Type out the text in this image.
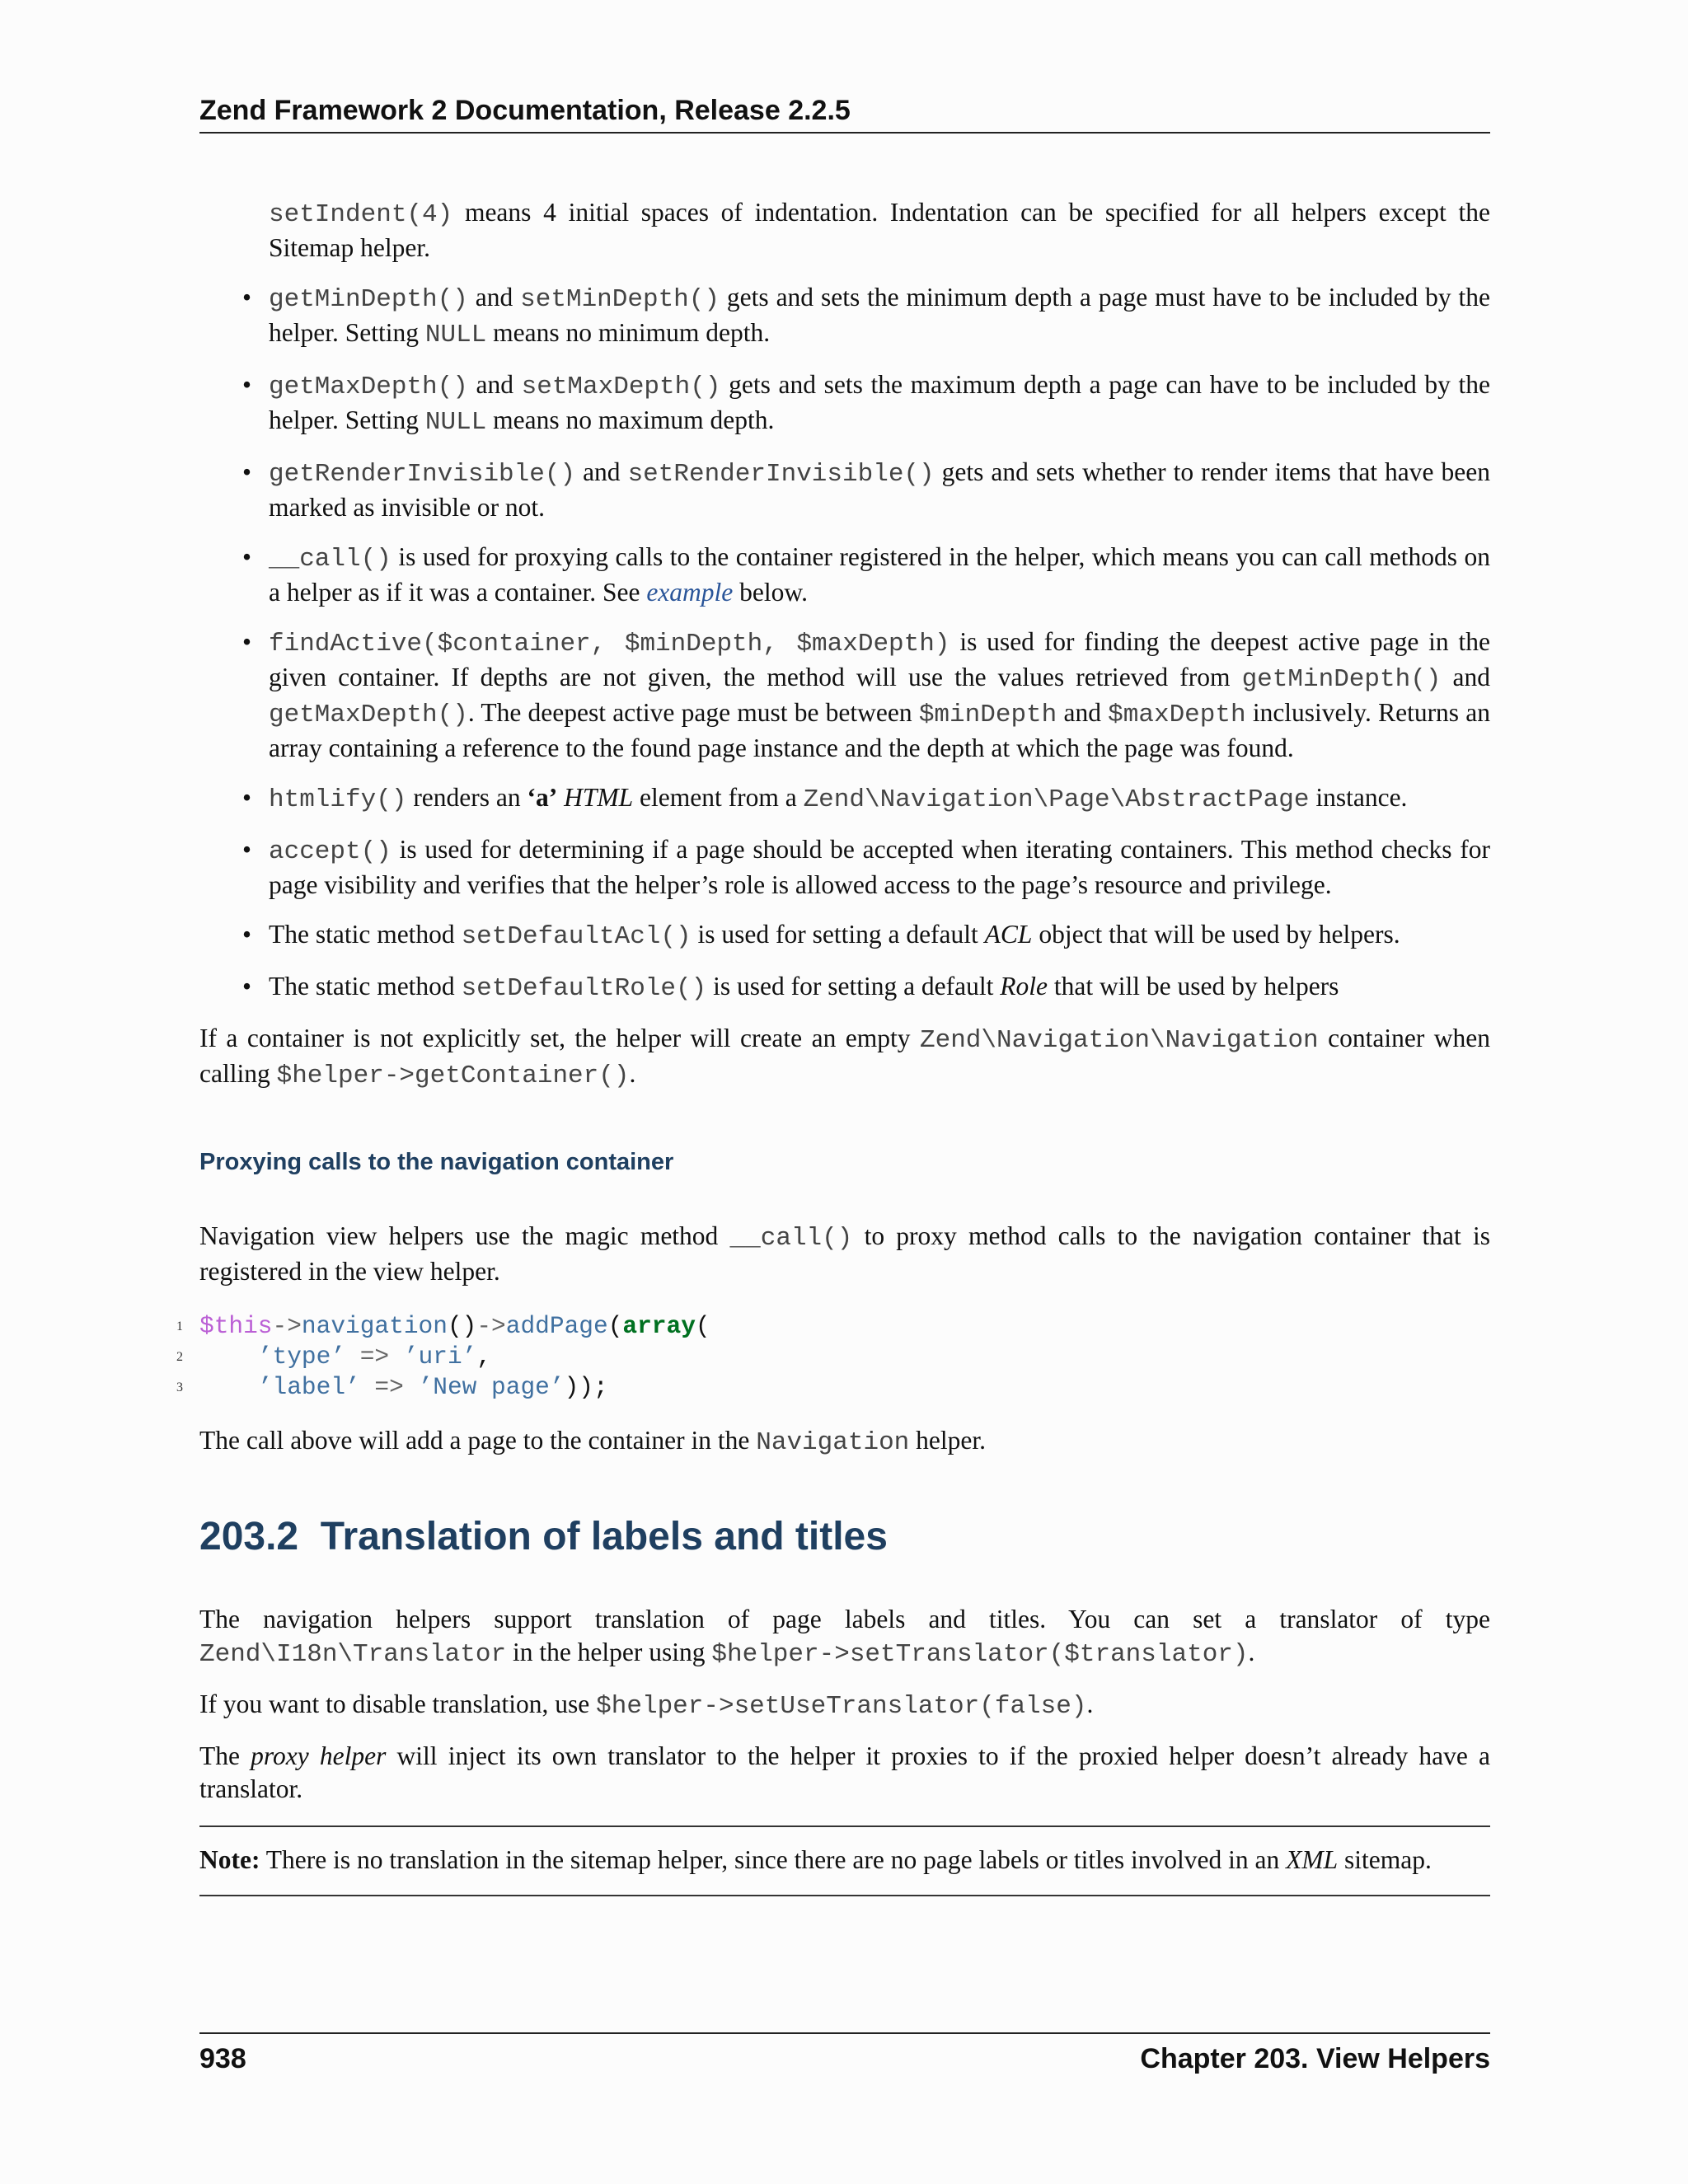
Zend Framework 2 Documentation, Release 2.2.5

setIndent(4) means 4 initial spaces of indentation. Indentation can be specified for all helpers except the Sitemap helper.

• getMinDepth() and setMinDepth() gets and sets the minimum depth a page must have to be included by the helper. Setting NULL means no minimum depth.
• getMaxDepth() and setMaxDepth() gets and sets the maximum depth a page can have to be included by the helper. Setting NULL means no maximum depth.
• getRenderInvisible() and setRenderInvisible() gets and sets whether to render items that have been marked as invisible or not.
• __call() is used for proxying calls to the container registered in the helper, which means you can call methods on a helper as if it was a container. See example below.
• findActive($container, $minDepth, $maxDepth) is used for finding the deepest active page in the given container. If depths are not given, the method will use the values retrieved from getMinDepth() and getMaxDepth(). The deepest active page must be between $minDepth and $maxDepth inclusively. Returns an array containing a reference to the found page instance and the depth at which the page was found.
• htmlify() renders an ‘a’ HTML element from a Zend\Navigation\Page\AbstractPage instance.
• accept() is used for determining if a page should be accepted when iterating containers. This method checks for page visibility and verifies that the helper’s role is allowed access to the page’s resource and privilege.
• The static method setDefaultAcl() is used for setting a default ACL object that will be used by helpers.
• The static method setDefaultRole() is used for setting a default Role that will be used by helpers

If a container is not explicitly set, the helper will create an empty Zend\Navigation\Navigation container when calling $helper->getContainer().

Proxying calls to the navigation container

Navigation view helpers use the magic method __call() to proxy method calls to the navigation container that is registered in the view helper.

1 $this->navigation()->addPage(array(
2	’type’ => ’uri’,
3	’label’ => ’New page’));

The call above will add a page to the container in the Navigation helper.

203.2 Translation of labels and titles

The navigation helpers support translation of page labels and titles. You can set a translator of type Zend\I18n\Translator in the helper using $helper->setTranslator($translator).

If you want to disable translation, use $helper->setUseTranslator(false).

The proxy helper will inject its own translator to the helper it proxies to if the proxied helper doesn’t already have a translator.

Note: There is no translation in the sitemap helper, since there are no page labels or titles involved in an XML sitemap.
938	Chapter 203. View Helpers
